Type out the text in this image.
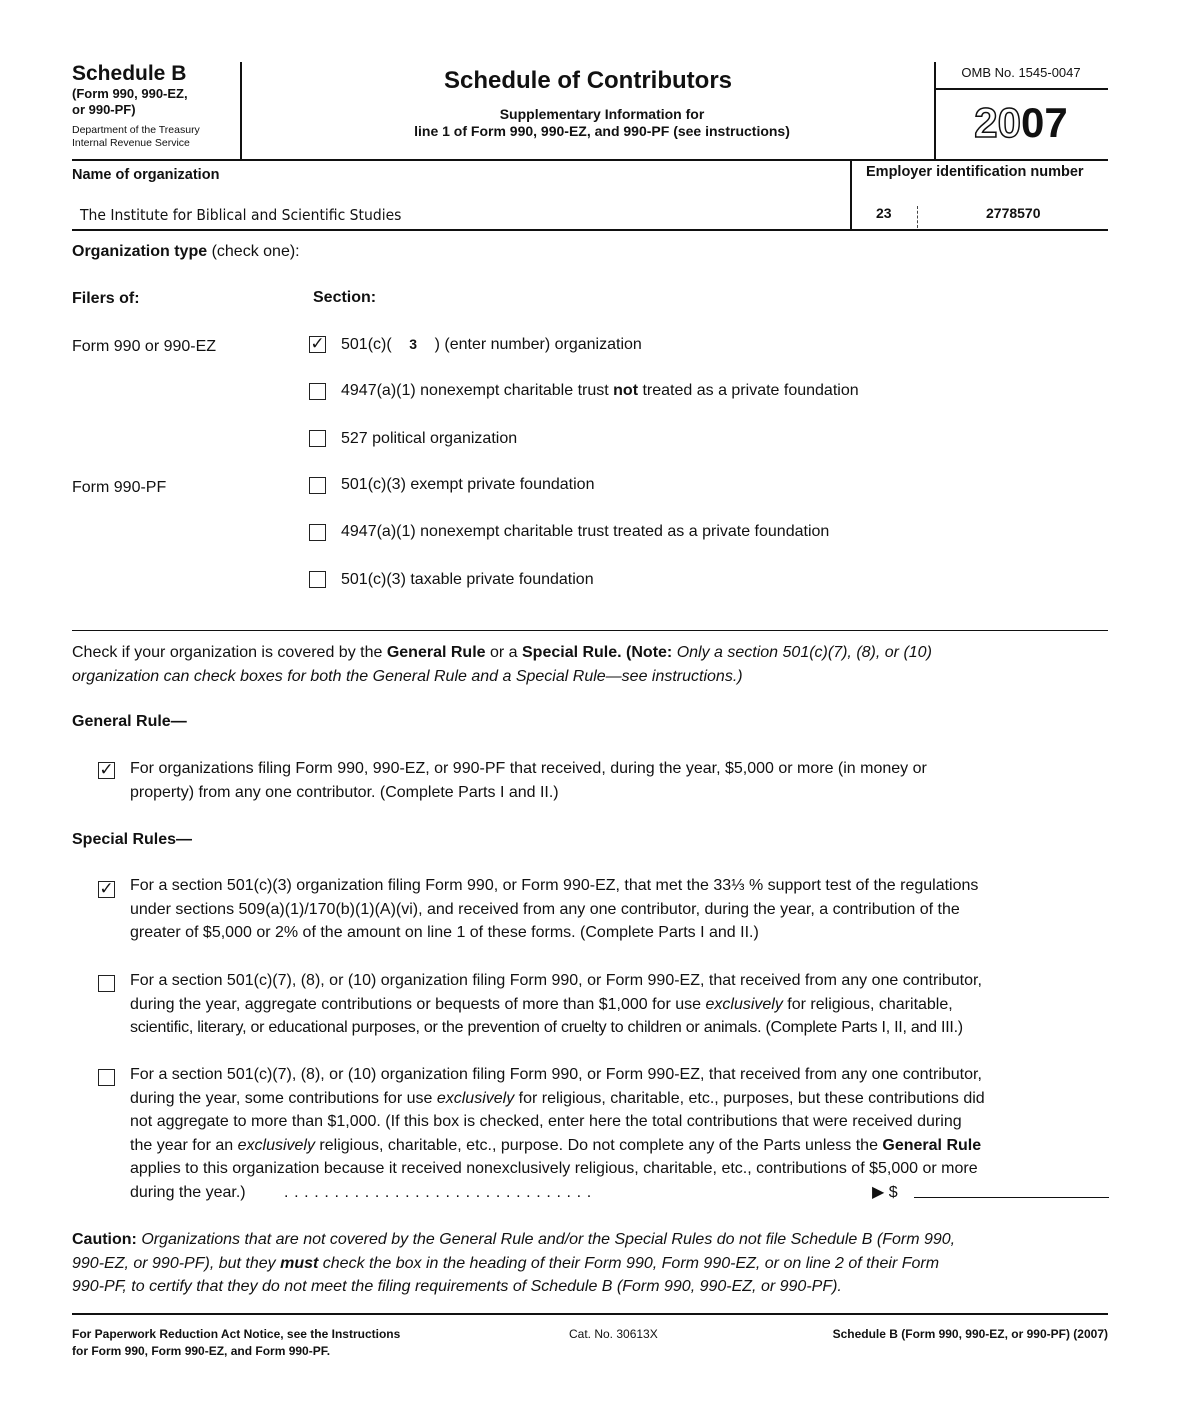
Schedule B
(Form 990, 990-EZ,
or 990-PF)
Department of the Treasury
Internal Revenue Service
Schedule of Contributors
Supplementary Information for
line 1 of Form 990, 990-EZ, and 990-PF (see instructions)
OMB No. 1545-0047
2007
Name of organization	Employer identification number
The Institute for Biblical and Scientific Studies	23	2778570
Organization type (check one):
Filers of:	Section:
Form 990 or 990-EZ
Form 990-PF
✓ 501(c)( 3 ) (enter number) organization
4947(a)(1) nonexempt charitable trust not treated as a private foundation
527 political organization
501(c)(3) exempt private foundation
4947(a)(1) nonexempt charitable trust treated as a private foundation
501(c)(3) taxable private foundation
Check if your organization is covered by the General Rule or a Special Rule. (Note: Only a section 501(c)(7), (8), or (10)
organization can check boxes for both the General Rule and a Special Rule—see instructions.)
General Rule—
✓ For organizations filing Form 990, 990-EZ, or 990-PF that received, during the year, $5,000 or more (in money or
property) from any one contributor. (Complete Parts I and II.)
Special Rules—
✓ For a section 501(c)(3) organization filing Form 990, or Form 990-EZ, that met the 33⅓ % support test of the regulations
under sections 509(a)(1)/170(b)(1)(A)(vi), and received from any one contributor, during the year, a contribution of the
greater of $5,000 or 2% of the amount on line 1 of these forms. (Complete Parts I and II.)
For a section 501(c)(7), (8), or (10) organization filing Form 990, or Form 990-EZ, that received from any one contributor,
during the year, aggregate contributions or bequests of more than $1,000 for use exclusively for religious, charitable,
scientific, literary, or educational purposes, or the prevention of cruelty to children or animals. (Complete Parts I, II, and III.)
For a section 501(c)(7), (8), or (10) organization filing Form 990, or Form 990-EZ, that received from any one contributor,
during the year, some contributions for use exclusively for religious, charitable, etc., purposes, but these contributions did
not aggregate to more than $1,000. (If this box is checked, enter here the total contributions that were received during
the year for an exclusively religious, charitable, etc., purpose. Do not complete any of the Parts unless the General Rule
applies to this organization because it received nonexclusively religious, charitable, etc., contributions of $5,000 or more
during the year.) . . . . . . . . . . . . . . . . . . . . . . . . . . . . . . .	▶ $
Caution: Organizations that are not covered by the General Rule and/or the Special Rules do not file Schedule B (Form 990,
990-EZ, or 990-PF), but they must check the box in the heading of their Form 990, Form 990-EZ, or on line 2 of their Form
990-PF, to certify that they do not meet the filing requirements of Schedule B (Form 990, 990-EZ, or 990-PF).
For Paperwork Reduction Act Notice, see the Instructions
for Form 990, Form 990-EZ, and Form 990-PF.
Cat. No. 30613X	Schedule B (Form 990, 990-EZ, or 990-PF) (2007)
